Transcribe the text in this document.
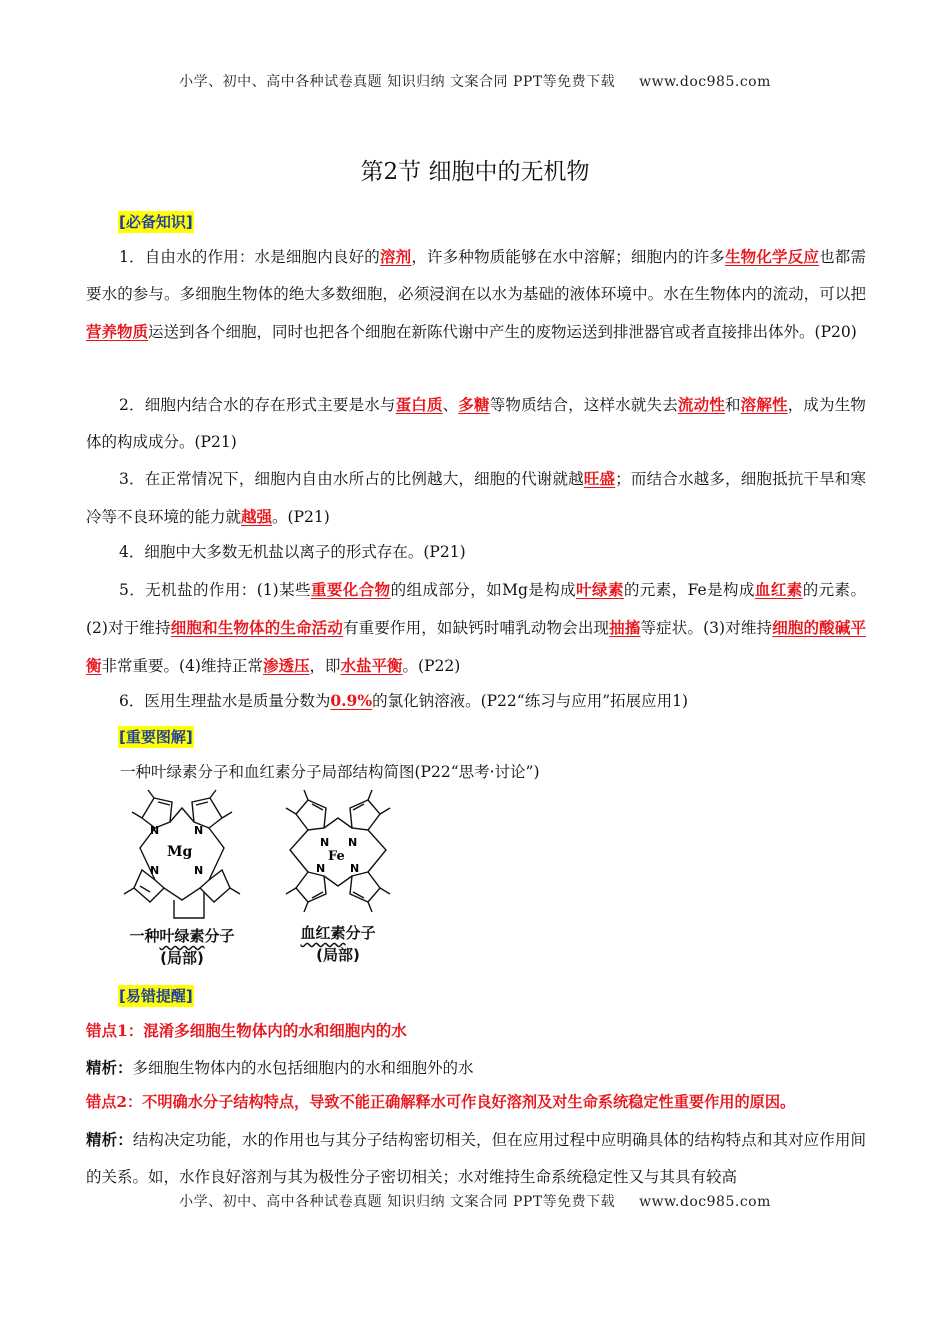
小学、初中、高中各种试卷真题 知识归纳 文案合同 PPT等免费下载 www.doc985.com
第2节 细胞中的无机物
[必备知识]
1．自由水的作用：水是细胞内良好的溶剂，许多种物质能够在水中溶解；细胞内的许多生物化学反应也都需要水的参与。多细胞生物体的绝大多数细胞，必须浸润在以水为基础的液体环境中。水在生物体内的流动，可以把营养物质运送到各个细胞，同时也把各个细胞在新陈代谢中产生的废物运送到排泄器官或者直接排出体外。(P20)
2．细胞内结合水的存在形式主要是水与蛋白质、多糖等物质结合，这样水就失去流动性和溶解性，成为生物体的构成成分。(P21)
3．在正常情况下，细胞内自由水所占的比例越大，细胞的代谢就越旺盛；而结合水越多，细胞抵抗干旱和寒冷等不良环境的能力就越强。(P21)
4．细胞中大多数无机盐以离子的形式存在。(P21)
5．无机盐的作用：(1)某些重要化合物的组成部分，如Mg是构成叶绿素的元素，Fe是构成血红素的元素。(2)对于维持细胞和生物体的生命活动有重要作用，如缺钙时哺乳动物会出现抽搐等症状。(3)对维持细胞的酸碱平衡非常重要。(4)维持正常渗透压，即水盐平衡。(P22)
6．医用生理盐水是质量分数为0.9%的氯化钠溶液。(P22“练习与应用”拓展应用1)
[重要图解]
一种叶绿素分子和血红素分子局部结构简图(P22“思考·讨论”)
N	N
N	N
Mg
N N
N N
Fe
一种叶绿素分子
(局部)
血红素分子
(局部)
[易错提醒]
错点1：混淆多细胞生物体内的水和细胞内的水
精析：多细胞生物体内的水包括细胞内的水和细胞外的水
错点2：不明确水分子结构特点，导致不能正确解释水可作良好溶剂及对生命系统稳定性重要作用的原因。
精析：结构决定功能，水的作用也与其分子结构密切相关，但在应用过程中应明确具体的结构特点和其对应作用间的关系。如，水作良好溶剂与其为极性分子密切相关；水对维持生命系统稳定性又与其具有较高
小学、初中、高中各种试卷真题 知识归纳 文案合同 PPT等免费下载 www.doc985.com
